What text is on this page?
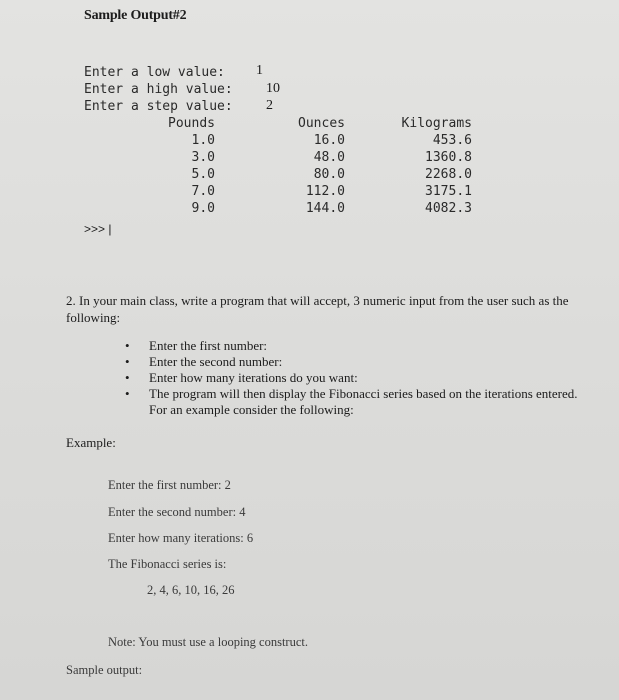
Sample Output#2
Enter a low value:
Enter a high value:
Enter a step value:
1
10
2
Pounds
1.0
3.0
5.0
7.0
9.0
Ounces
16.0
48.0
80.0
112.0
144.0
Kilograms
453.6
1360.8
2268.0
3175.1
4082.3
>>> |
2. In your main class, write a program that will accept, 3 numeric input from the user such as the
following:
• Enter the first number:
• Enter the second number:
• Enter how many iterations do you want:
• The program will then display the Fibonacci series based on the iterations entered.
For an example consider the following:
Example:
Enter the first number: 2
Enter the second number: 4
Enter how many iterations: 6
The Fibonacci series is:
2, 4, 6, 10, 16, 26
Note: You must use a looping construct.
Sample output:
